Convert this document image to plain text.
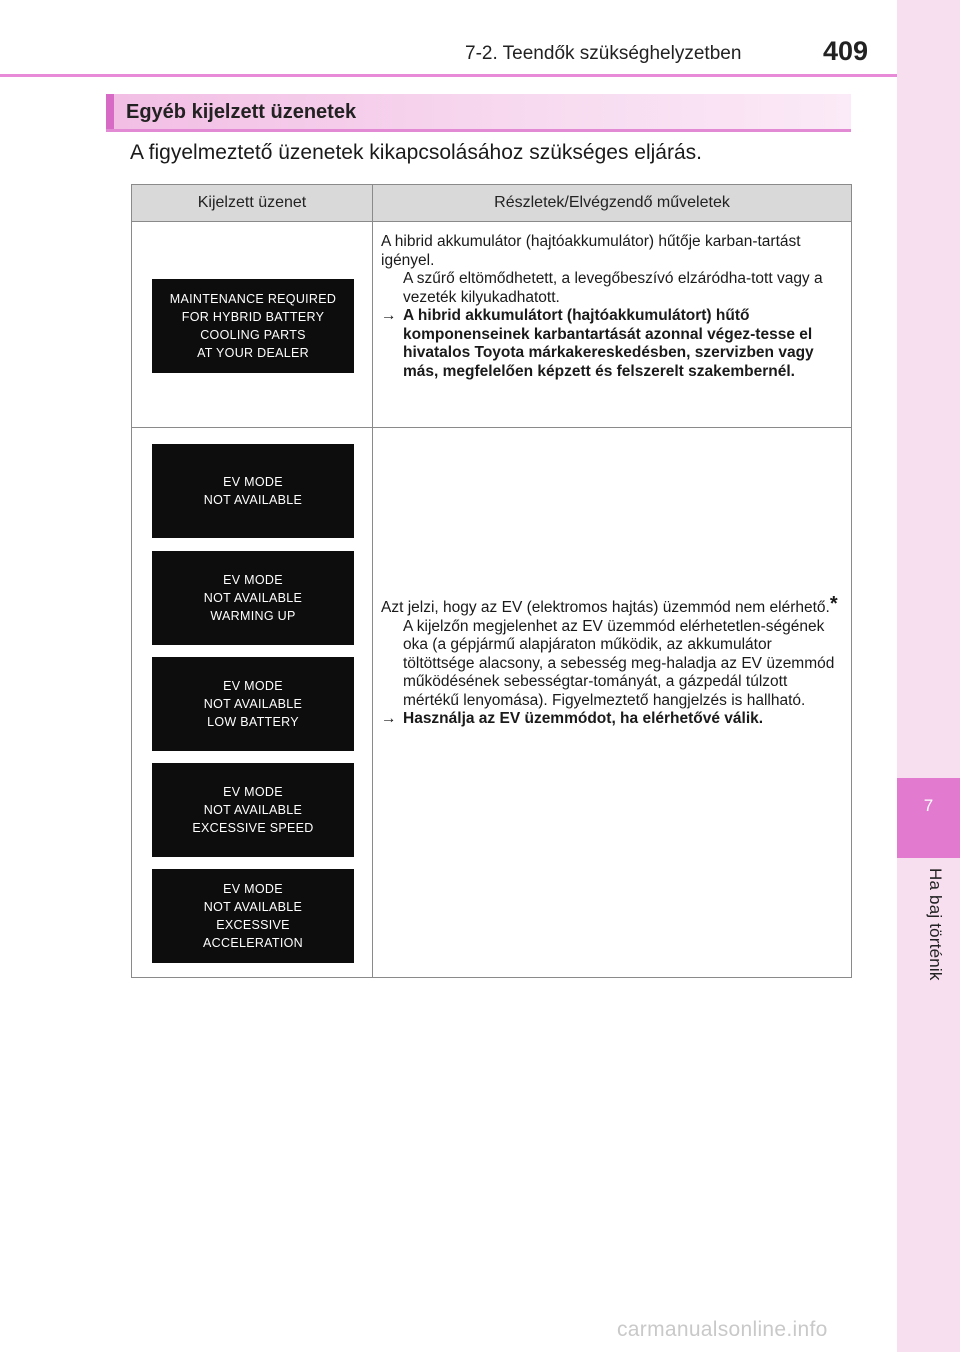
7
Ha baj történik
7-2. Teendők szükséghelyzetben	409
Egyéb kijelzett üzenetek
A figyelmeztető üzenetek kikapcsolásához szükséges eljárás.
Kijelzett üzenet	Részletek/Elvégzendő műveletek
MAINTENANCE REQUIRED
FOR HYBRID BATTERY
COOLING PARTS
AT YOUR DEALER

A hibrid akkumulátor (hajtóakkumulátor) hűtője karban-tartást igényel.

A szűrő eltömődhetett, a levegőbeszívó elzáródha-tott vagy a vezeték kilyukadhatott.

→ A hibrid akkumulátort (hajtóakkumulátort) hűtő komponenseinek karbantartását azonnal végez-tesse el hivatalos Toyota márkakereskedésben, szervizben vagy más, megfelelően képzett és felszerelt szakembernél.
EV MODE
NOT AVAILABLE
EV MODE
NOT AVAILABLE
WARMING UP
EV MODE
NOT AVAILABLE
LOW BATTERY
EV MODE
NOT AVAILABLE
EXCESSIVE SPEED
EV MODE
NOT AVAILABLE
EXCESSIVE
ACCELERATION

Azt jelzi, hogy az EV (elektromos hajtás) üzemmód nem elérhető.*

A kijelzőn megjelenhet az EV üzemmód elérhetetlen-ségének oka (a gépjármű alapjáraton működik, az akkumulátor töltöttsége alacsony, a sebesség meg-haladja az EV üzemmód működésének sebességtar-tományát, a gázpedál túlzott mértékű lenyomása). Figyelmeztető hangjelzés is hallható.

→ Használja az EV üzemmódot, ha elérhetővé válik.
carmanualsonline.info
